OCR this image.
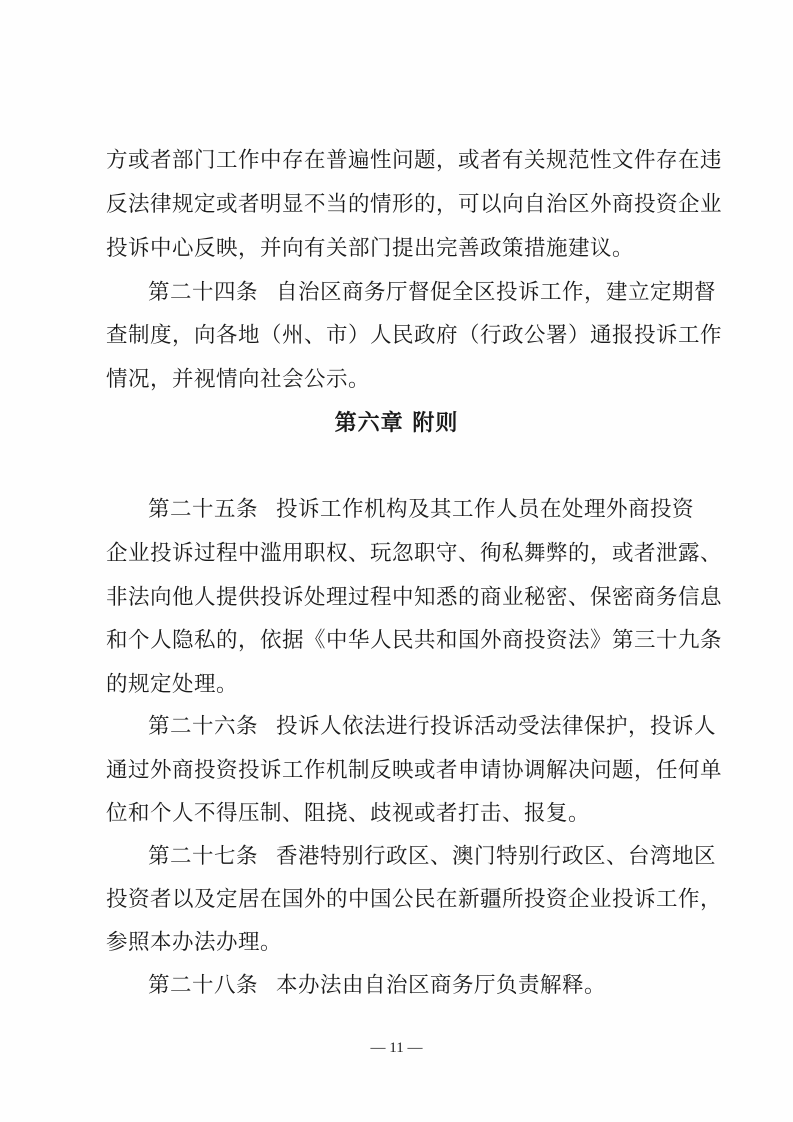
方或者部门工作中存在普遍性问题，或者有关规范性文件存在违
反法律规定或者明显不当的情形的，可以向自治区外商投资企业
投诉中心反映，并向有关部门提出完善政策措施建议。
第二十四条 自治区商务厅督促全区投诉工作，建立定期督
查制度，向各地（州、市）人民政府（行政公署）通报投诉工作
情况，并视情向社会公示。
第六章 附则
第二十五条 投诉工作机构及其工作人员在处理外商投资
企业投诉过程中滥用职权、玩忽职守、徇私舞弊的，或者泄露、
非法向他人提供投诉处理过程中知悉的商业秘密、保密商务信息
和个人隐私的，依据《中华人民共和国外商投资法》第三十九条
的规定处理。
第二十六条 投诉人依法进行投诉活动受法律保护，投诉人
通过外商投资投诉工作机制反映或者申请协调解决问题，任何单
位和个人不得压制、阻挠、歧视或者打击、报复。
第二十七条 香港特别行政区、澳门特别行政区、台湾地区
投资者以及定居在国外的中国公民在新疆所投资企业投诉工作，
参照本办法办理。
第二十八条 本办法由自治区商务厅负责解释。
— 11 —
